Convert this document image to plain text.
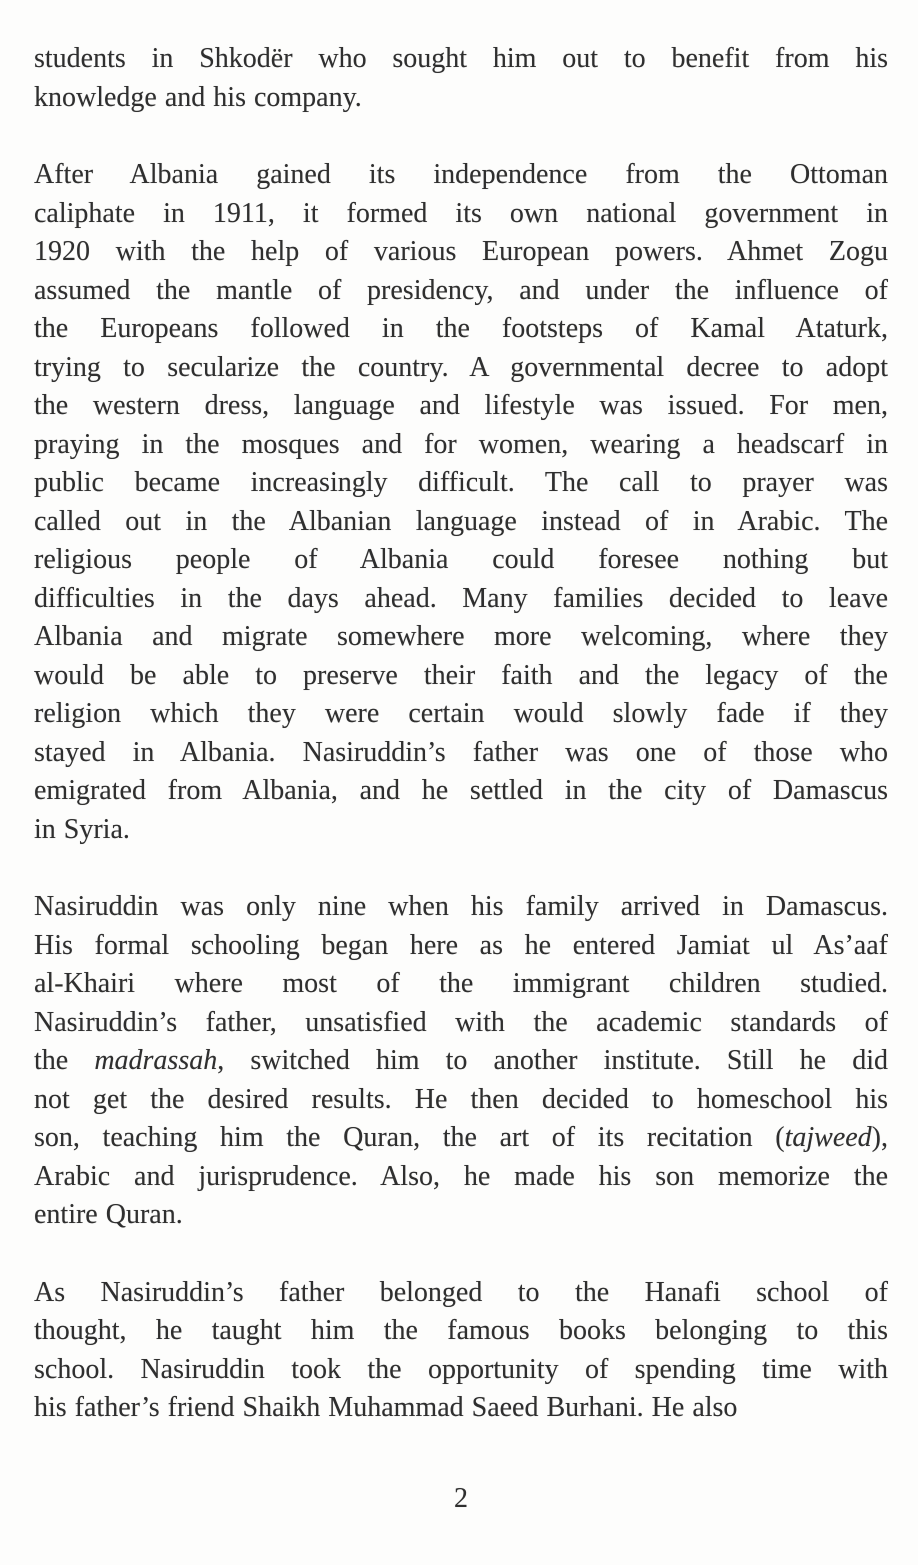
students in Shkodër who sought him out to benefit from his
knowledge and his company.
After Albania gained its independence from the Ottoman
caliphate in 1911, it formed its own national government in
1920 with the help of various European powers. Ahmet Zogu
assumed the mantle of presidency, and under the influence of
the Europeans followed in the footsteps of Kamal Ataturk,
trying to secularize the country. A governmental decree to adopt
the western dress, language and lifestyle was issued. For men,
praying in the mosques and for women, wearing a headscarf in
public became increasingly difficult. The call to prayer was
called out in the Albanian language instead of in Arabic. The
religious people of Albania could foresee nothing but
difficulties in the days ahead. Many families decided to leave
Albania and migrate somewhere more welcoming, where they
would be able to preserve their faith and the legacy of the
religion which they were certain would slowly fade if they
stayed in Albania. Nasiruddin’s father was one of those who
emigrated from Albania, and he settled in the city of Damascus
in Syria.
Nasiruddin was only nine when his family arrived in Damascus.
His formal schooling began here as he entered Jamiat ul As’aaf
al-Khairi where most of the immigrant children studied.
Nasiruddin’s father, unsatisfied with the academic standards of
the madrassah, switched him to another institute. Still he did
not get the desired results. He then decided to homeschool his
son, teaching him the Quran, the art of its recitation (tajweed),
Arabic and jurisprudence. Also, he made his son memorize the
entire Quran.
As Nasiruddin’s father belonged to the Hanafi school of
thought, he taught him the famous books belonging to this
school. Nasiruddin took the opportunity of spending time with
his father’s friend Shaikh Muhammad Saeed Burhani. He also
2
